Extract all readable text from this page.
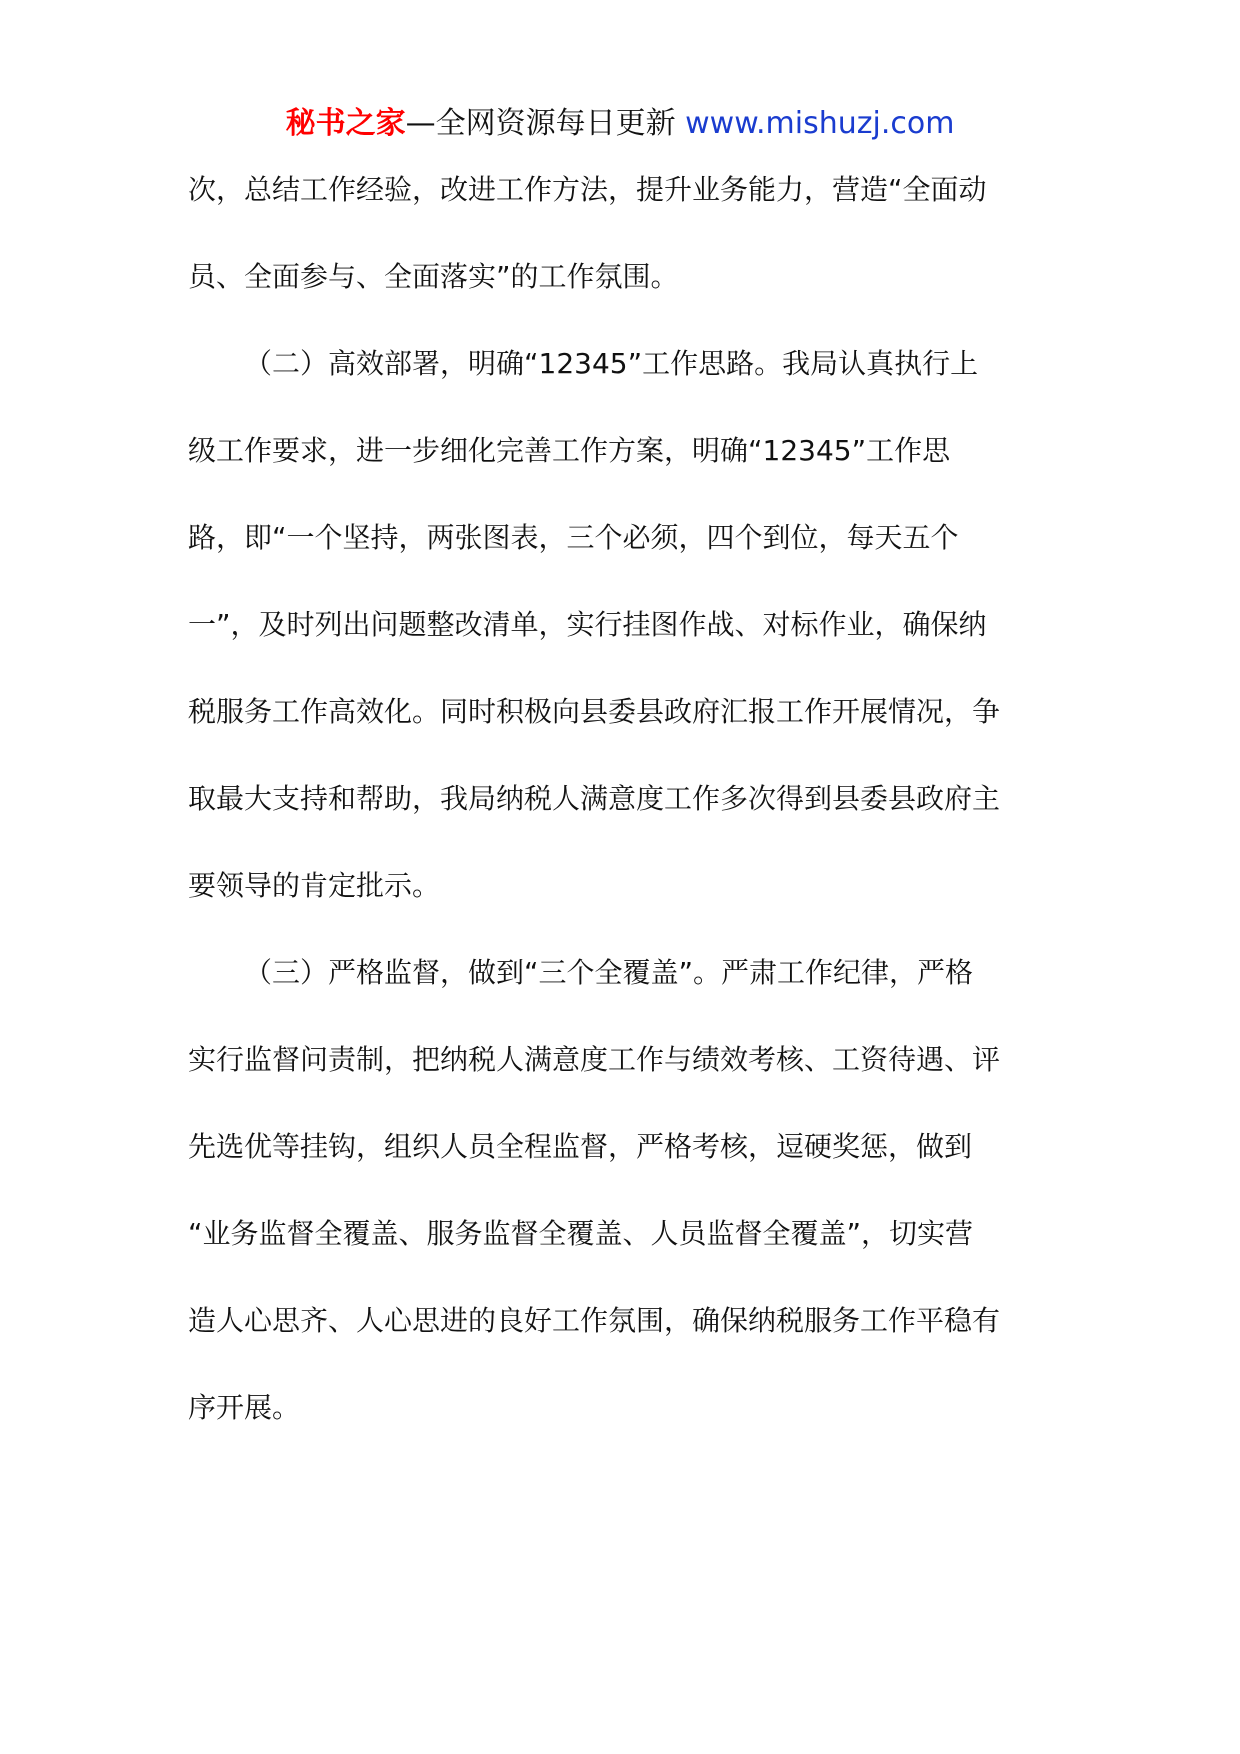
秘书之家—全网资源每日更新 www.mishuzj.com
次，总结工作经验，改进工作方法，提升业务能力，营造“全面动
员、全面参与、全面落实”的工作氛围。
（二）高效部署，明确“12345”工作思路。我局认真执行上
级工作要求，进一步细化完善工作方案，明确“12345”工作思
路，即“一个坚持，两张图表，三个必须，四个到位，每天五个
一”，及时列出问题整改清单，实行挂图作战、对标作业，确保纳
税服务工作高效化。同时积极向县委县政府汇报工作开展情况，争
取最大支持和帮助，我局纳税人满意度工作多次得到县委县政府主
要领导的肯定批示。
（三）严格监督，做到“三个全覆盖”。严肃工作纪律，严格
实行监督问责制，把纳税人满意度工作与绩效考核、工资待遇、评
先选优等挂钩，组织人员全程监督，严格考核，逗硬奖惩，做到
“业务监督全覆盖、服务监督全覆盖、人员监督全覆盖”，切实营
造人心思齐、人心思进的良好工作氛围，确保纳税服务工作平稳有
序开展。
